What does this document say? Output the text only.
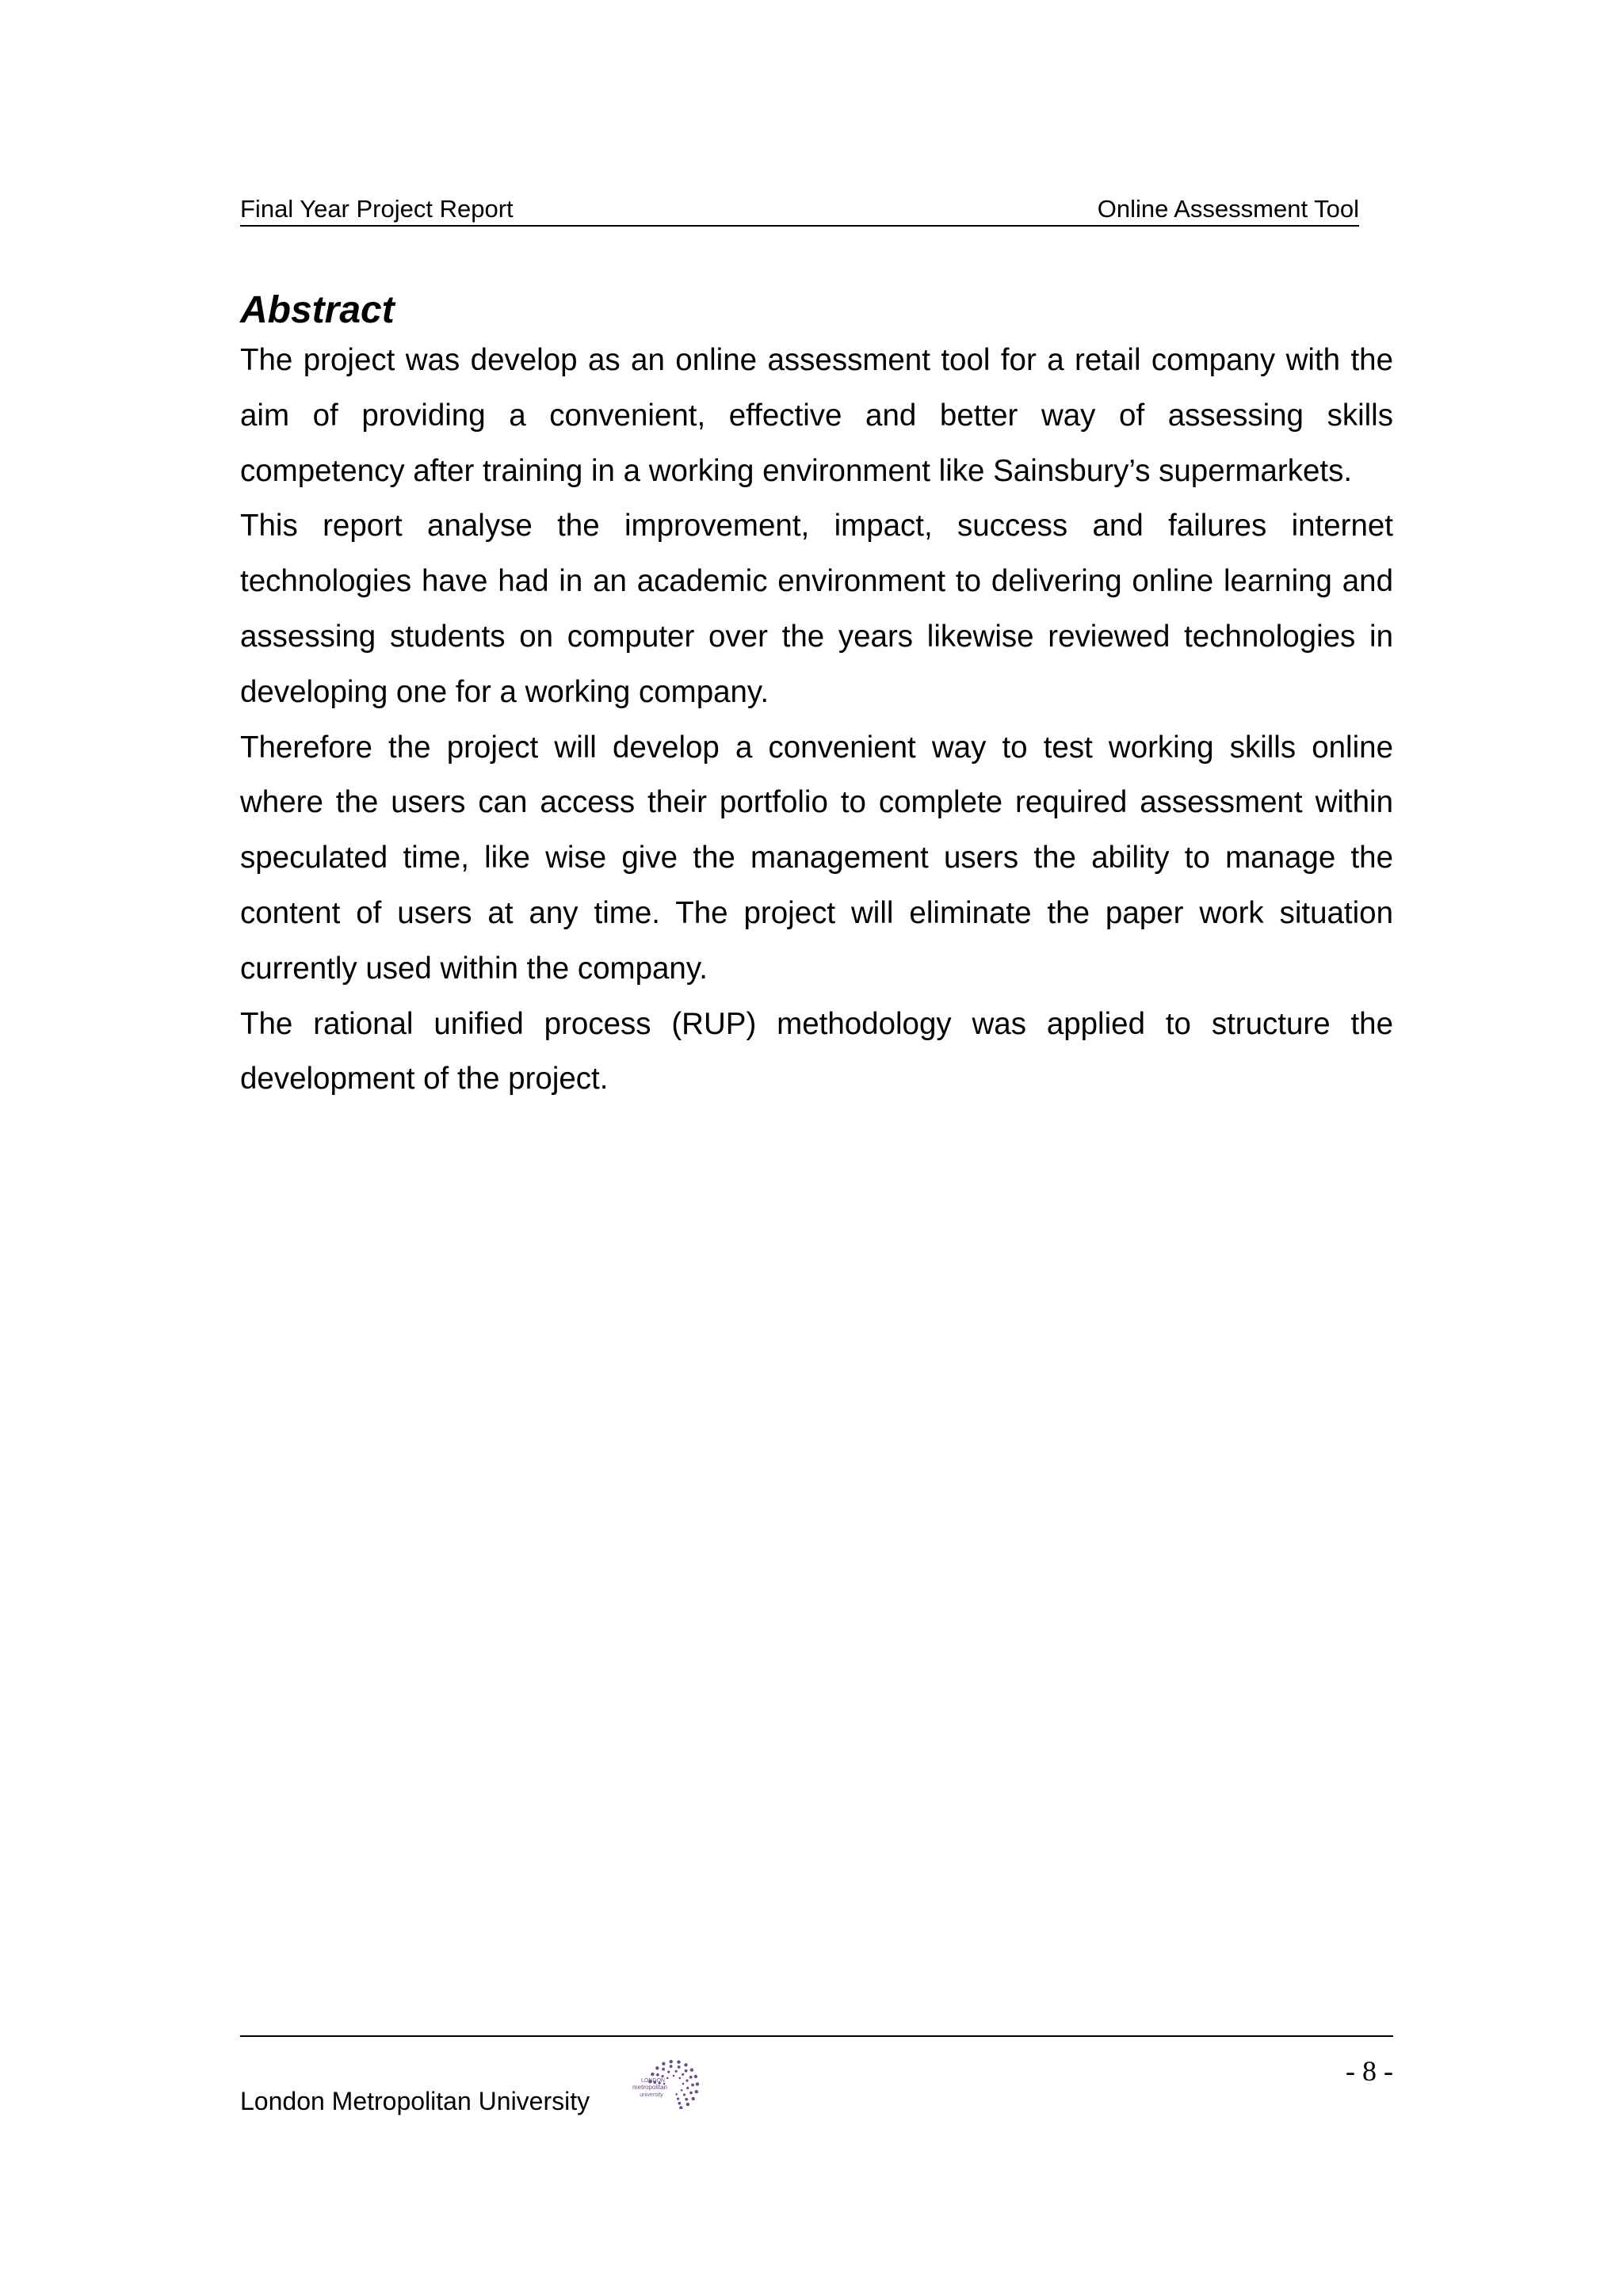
Final Year Project Report	Online Assessment Tool
Abstract

The project was develop as an online assessment tool for a retail company with the aim of providing a convenient, effective and better way of assessing skills competency after training in a working environment like Sainsbury’s supermarkets.

This report analyse the improvement, impact, success and failures internet technologies have had in an academic environment to delivering online learning and assessing students on computer over the years likewise reviewed technologies in developing one for a working company.

Therefore the project will develop a convenient way to test working skills online where the users can access their portfolio to complete required assessment within speculated time, like wise give the management users the ability to manage the content of users at any time. The project will eliminate the paper work situation currently used within the company.

The rational unified process (RUP) methodology was applied to structure the development of the project.

London Metropolitan University
LONDON
metropolitan
university
- 8 -
